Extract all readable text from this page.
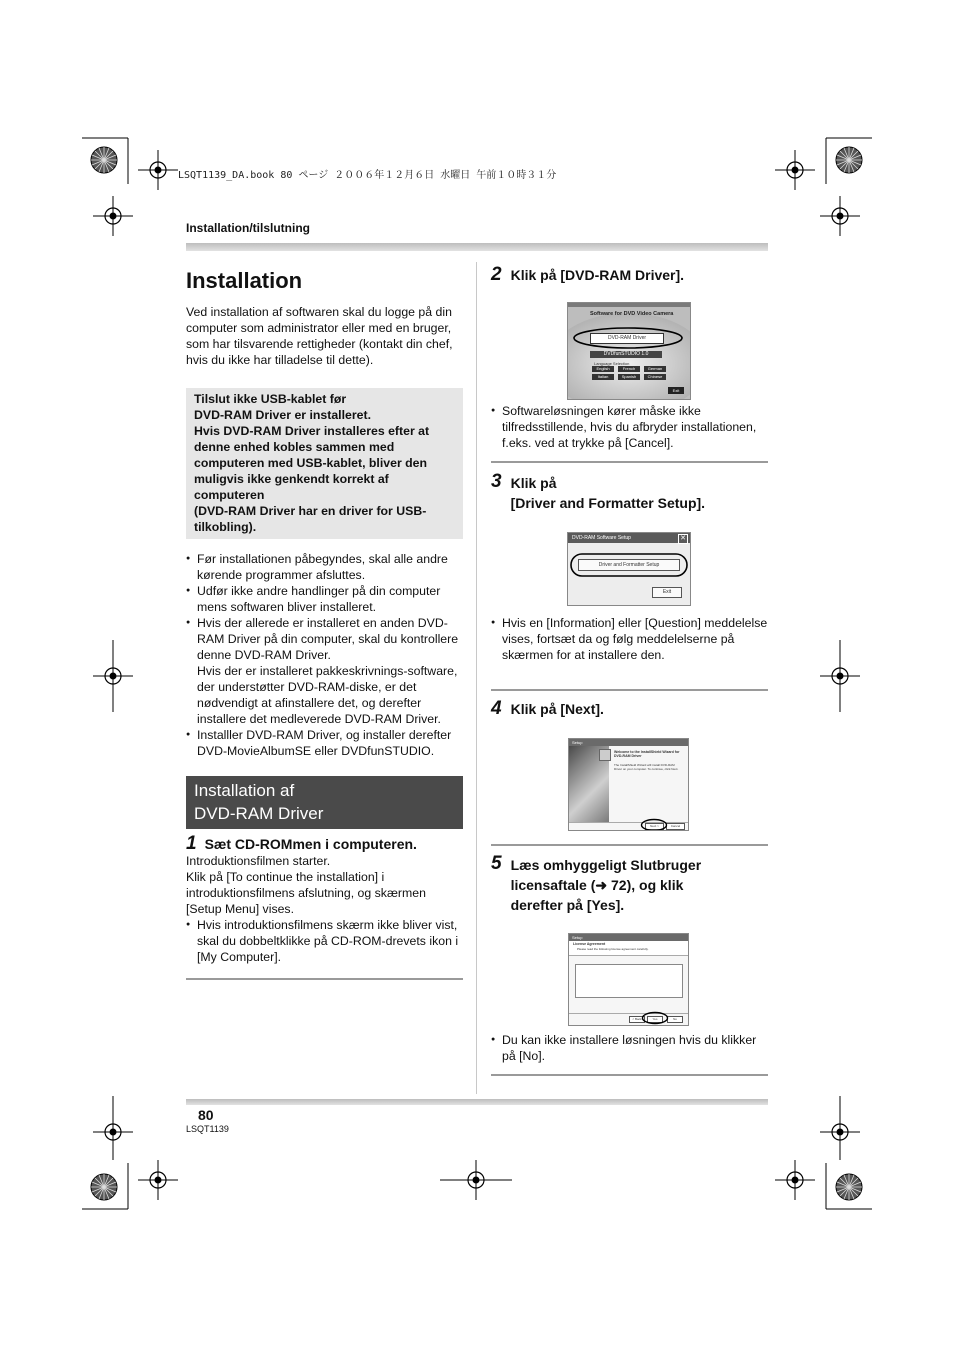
LSQT1139_DA.book 80 ページ ２００６年１２月６日 水曜日 午前１０時３１分
Installation/tilslutning
Installation
Ved installation af softwaren skal du logge på din computer som administrator eller med en bruger, som har tilsvarende rettigheder (kontakt din chef, hvis du ikke har tilladelse til dette).
Tilslut ikke USB-kablet før
DVD-RAM Driver er installeret.
Hvis DVD-RAM Driver installeres efter at
denne enhed kobles sammen med
computeren med USB-kablet, bliver den
muligvis ikke genkendt korrekt af
computeren
(DVD-RAM Driver har en driver for USB-
tilkobling).
● Før installationen påbegyndes, skal alle andre kørende programmer afsluttes.
● Udfør ikke andre handlinger på din computer mens softwaren bliver installeret.
● Hvis der allerede er installeret en anden DVD-RAM Driver på din computer, skal du kontrollere denne DVD-RAM Driver.
Hvis der er installeret pakkeskrivnings-software, der understøtter DVD-RAM-diske, er det nødvendigt at afinstallere det, og derefter installere det medleverede DVD-RAM Driver.
● Installler DVD-RAM Driver, og installer derefter DVD-MovieAlbumSE eller DVDfunSTUDIO.
Installation af
DVD-RAM Driver
1 Sæt CD-ROMmen i computeren.
Introduktionsfilmen starter.
Klik på [To continue the installation] i introduktionsfilmens afslutning, og skærmen [Setup Menu] vises.
● Hvis introduktionsfilmens skærm ikke bliver vist, skal du dobbeltklikke på CD-ROM-drevets ikon i [My Computer].
2 Klik på [DVD-RAM Driver].
Software for DVD Video Camera
DVD-RAM Driver
DVDfunSTUDIO 1.0
Language Selection
English	French	German
Italian	Spanish	Chinese
Exit
● Softwareløsningen kører måske ikke tilfredsstillende, hvis du afbryder installationen, f.eks. ved at trykke på [Cancel].
3 Klik på
[Driver and Formatter Setup].
DVD-RAM Software Setup	✕
Driver and Formatter Setup
Exit
● Hvis en [Information] eller [Question] meddelelse vises, fortsæt da og følg meddelelserne på skærmen for at installere den.
4 Klik på [Next].
Setup
Welcome to the InstallShield Wizard for DVD-RAM Driver
The InstallShield Wizard will install DVD-RAM Driver on your computer. To continue, click Next.
Next >	Cancel
5 Læs omhyggeligt Slutbruger
licensaftale (➜ 72), og klik
derefter på [Yes].
Setup
License Agreement
Please read the following license agreement carefully.
< Back	Yes	No
● Du kan ikke installere løsningen hvis du klikker på [No].
80
LSQT1139
